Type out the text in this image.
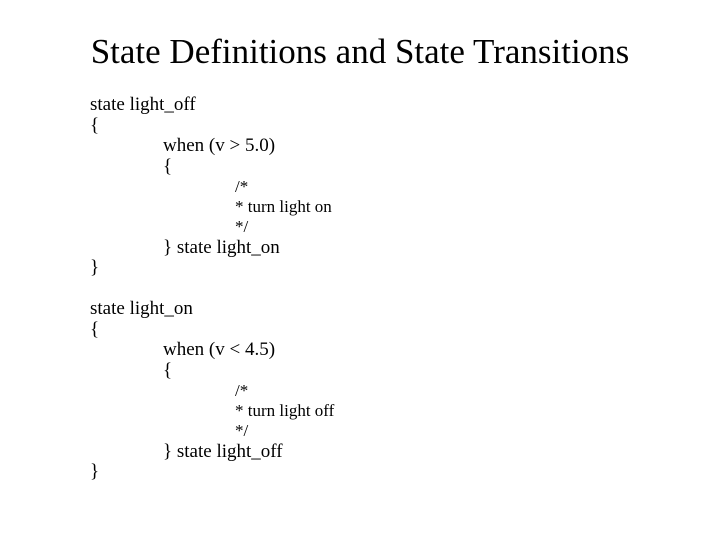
State Definitions and State Transitions
state light_off
{
when (v > 5.0)
{
/*
* turn light on
*/
} state light_on
}
state light_on
{
when (v < 4.5)
{
/*
* turn light off
*/
} state light_off
}
